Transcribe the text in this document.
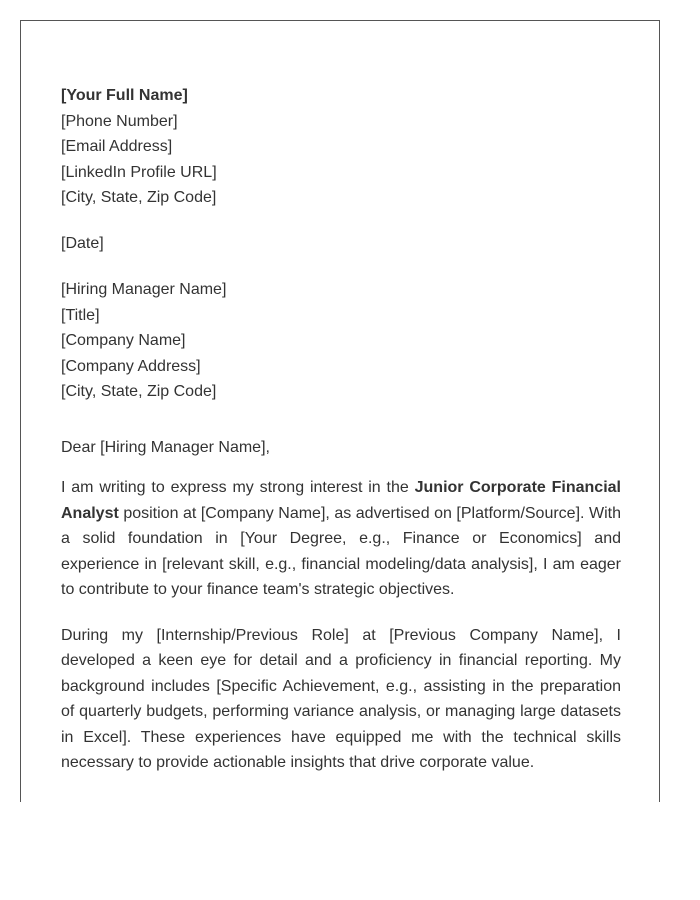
[Your Full Name]
[Phone Number]
[Email Address]
[LinkedIn Profile URL]
[City, State, Zip Code]
[Date]
[Hiring Manager Name]
[Title]
[Company Name]
[Company Address]
[City, State, Zip Code]
Dear [Hiring Manager Name],

I am writing to express my strong interest in the Junior Corporate Financial Analyst position at [Company Name], as advertised on [Platform/Source]. With a solid foundation in [Your Degree, e.g., Finance or Economics] and experience in [relevant skill, e.g., financial modeling/data analysis], I am eager to contribute to your finance team's strategic objectives.

During my [Internship/Previous Role] at [Previous Company Name], I developed a keen eye for detail and a proficiency in financial reporting. My background includes [Specific Achievement, e.g., assisting in the preparation of quarterly budgets, performing variance analysis, or managing large datasets in Excel]. These experiences have equipped me with the technical skills necessary to provide actionable insights that drive corporate value.
